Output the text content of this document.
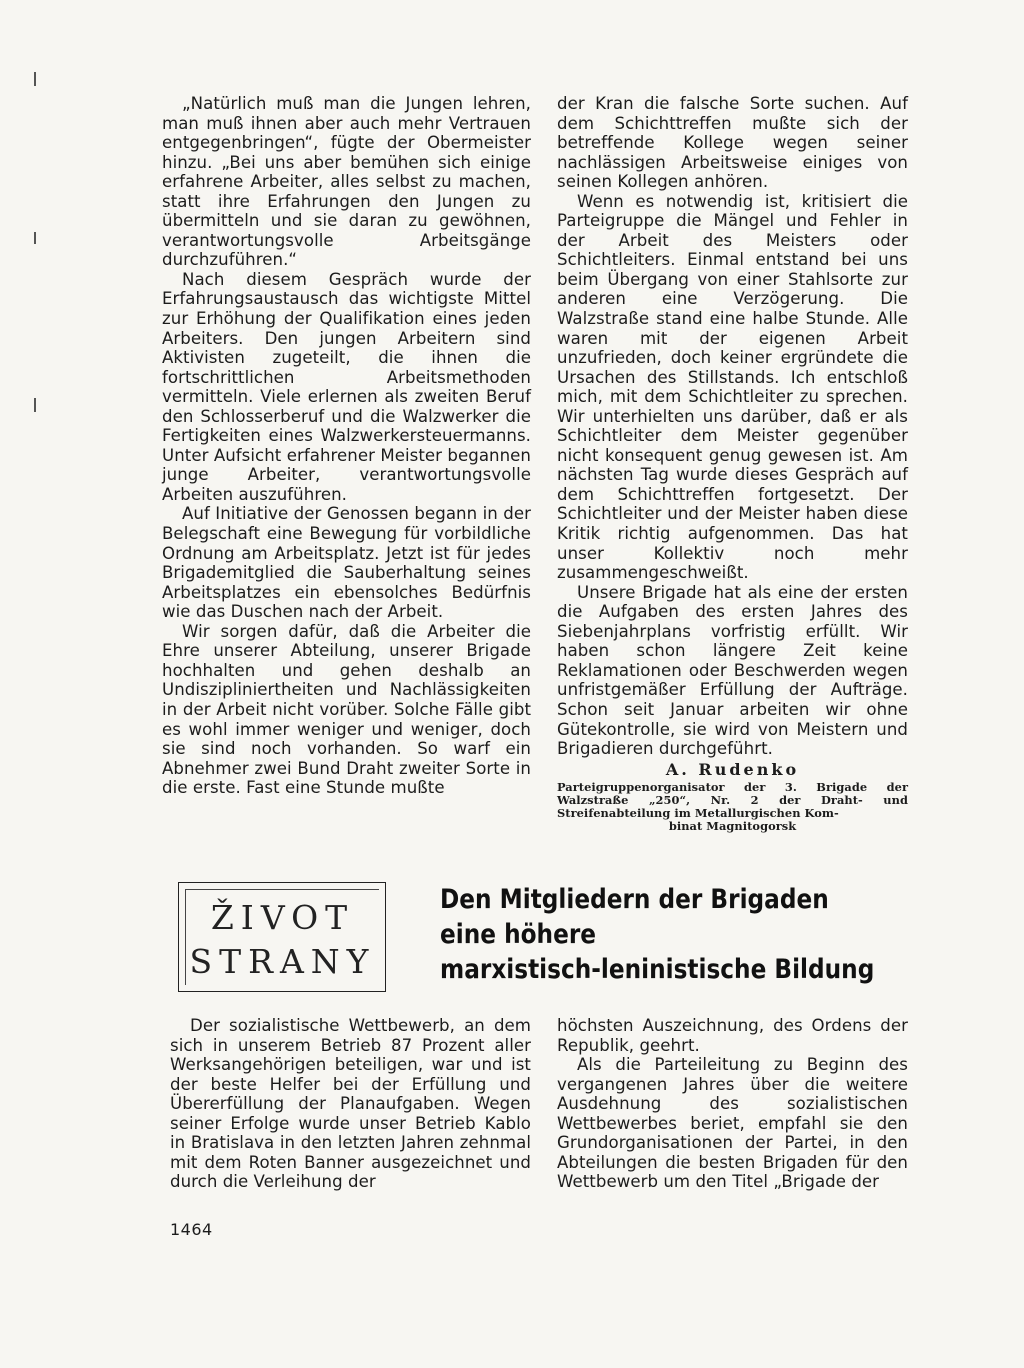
„Natürlich muß man die Jungen lehren, man muß ihnen aber auch mehr Vertrauen entgegenbringen“, fügte der Obermeister hinzu. „Bei uns aber bemühen sich einige erfahrene Arbeiter, alles selbst zu machen, statt ihre Erfahrungen den Jungen zu übermitteln und sie daran zu gewöhnen, verantwortungsvolle Arbeitsgänge durchzuführen.“

Nach diesem Gespräch wurde der Erfahrungsaustausch das wichtigste Mittel zur Erhöhung der Qualifikation eines jeden Arbeiters. Den jungen Arbeitern sind Aktivisten zugeteilt, die ihnen die fortschrittlichen Arbeitsmethoden vermitteln. Viele erlernen als zweiten Beruf den Schlosserberuf und die Walzwerker die Fertigkeiten eines Walzwerkersteuermanns. Unter Aufsicht erfahrener Meister begannen junge Arbeiter, verantwortungsvolle Arbeiten auszuführen.

Auf Initiative der Genossen begann in der Belegschaft eine Bewegung für vorbildliche Ordnung am Arbeitsplatz. Jetzt ist für jedes Brigademitglied die Sauberhaltung seines Arbeitsplatzes ein ebensolches Bedürfnis wie das Duschen nach der Arbeit.

Wir sorgen dafür, daß die Arbeiter die Ehre unserer Abteilung, unserer Brigade hochhalten und gehen deshalb an Undiszipliniertheiten und Nachlässigkeiten in der Arbeit nicht vorüber. Solche Fälle gibt es wohl immer weniger und weniger, doch sie sind noch vorhanden. So warf ein Abnehmer zwei Bund Draht zweiter Sorte in die erste. Fast eine Stunde mußte

der Kran die falsche Sorte suchen. Auf dem Schichttreffen mußte sich der betreffende Kollege wegen seiner nachlässigen Arbeitsweise einiges von seinen Kollegen anhören.

Wenn es notwendig ist, kritisiert die Parteigruppe die Mängel und Fehler in der Arbeit des Meisters oder Schichtleiters. Einmal entstand bei uns beim Übergang von einer Stahlsorte zur anderen eine Verzögerung. Die Walzstraße stand eine halbe Stunde. Alle waren mit der eigenen Arbeit unzufrieden, doch keiner ergründete die Ursachen des Stillstands. Ich entschloß mich, mit dem Schichtleiter zu sprechen. Wir unterhielten uns darüber, daß er als Schichtleiter dem Meister gegenüber nicht konsequent genug gewesen ist. Am nächsten Tag wurde dieses Gespräch auf dem Schichttreffen fortgesetzt. Der Schichtleiter und der Meister haben diese Kritik richtig aufgenommen. Das hat unser Kollektiv noch mehr zusammengeschweißt.

Unsere Brigade hat als eine der ersten die Aufgaben des ersten Jahres des Siebenjahrplans vorfristig erfüllt. Wir haben schon längere Zeit keine Reklamationen oder Beschwerden wegen unfristgemäßer Erfüllung der Aufträge. Schon seit Januar arbeiten wir ohne Gütekontrolle, sie wird von Meistern und Brigadieren durchgeführt.

A. Rudenko
Parteigruppenorganisator der 3. Brigade der Walzstraße „250“, Nr. 2 der Draht- und Streifenabteilung im Metallurgischen Kom-
binat Magnitogorsk
ŽIVOT
STRANY
Den Mitgliedern der Brigaden
eine höhere
marxistisch-leninistische Bildung

Der sozialistische Wettbewerb, an dem sich in unserem Betrieb 87 Prozent aller Werksangehörigen beteiligen, war und ist der beste Helfer bei der Erfüllung und Übererfüllung der Planaufgaben. Wegen seiner Erfolge wurde unser Betrieb Kablo in Bratislava in den letzten Jahren zehnmal mit dem Roten Banner ausgezeichnet und durch die Verleihung der

höchsten Auszeichnung, des Ordens der Republik, geehrt.

Als die Parteileitung zu Beginn des vergangenen Jahres über die weitere Ausdehnung des sozialistischen Wettbewerbes beriet, empfahl sie den Grundorganisationen der Partei, in den Abteilungen die besten Brigaden für den Wettbewerb um den Titel „Brigade der

1464
